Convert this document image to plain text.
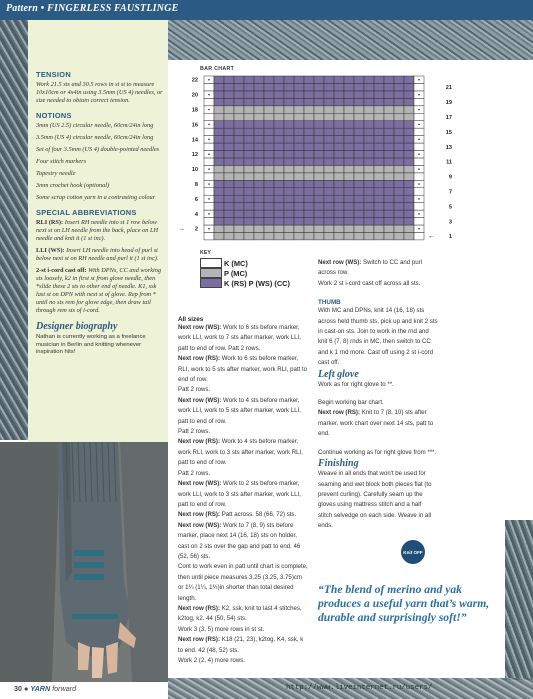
Pattern • FINGERLESS FAUSTLINGE
TENSION
Work 21.5 sts and 30.5 rows in st st to measure 10x10cm or 4x4in using 3.5mm (US 4) needles, or size needed to obtain correct tension.
NOTIONS
3mm (US 2.5) circular needle, 60cm/24in long
3.5mm (US 4) circular needle, 60cm/24in long
Set of four 3.5mm (US 4) double-pointed needles
Four stitch markers
Tapestry needle
3mm crochet hook (optional)
Some scrap cotton yarn in a contrasting colour
SPECIAL ABBREVIATIONS
RLI (RS): Insert RH needle into st 1 row below next st on LH needle from the back, place on LH needle and knit it (1 st inc).
LLI (WS): Insert LH needle into head of purl st below next st on RH needle and purl it (1 st inc).
2-st i-cord cast off: With DPNs, CC and working sts loosely, k2 in first st from glove needle, then *slide these 2 sts to other end of needle. K1, ssk last st on DPN with next st of glove. Rep from * until no sts rem for glove edge, then draw tail through rem sts of i-cord.
Designer biography
Nathan is currently working as a freelance musician in Berlin and knitting whenever inspiration hits!
BAR CHART
22
20
18
16
14
12
10
8
6
4
2
21
19
17
15
13
11
9
7
5
3
1
→
←
KEY
K (MC)
P (MC)
K (RS) P (WS) (CC)

All sizes

Next row (WS): Work to 6 sts before marker, work LLI, work to 7 sts after marker, work LLI, patt to end of row. Patt 2 rows.

Next row (RS): Work to 6 sts before marker, RLI, work to 5 sts after marker, work RLI, patt to end of row.

Patt 2 rows.

Next row (WS): Work to 4 sts before marker, work LLI, work to 5 sts after marker, work LLI, patt to end of row.

Patt 2 rows.

Next row (RS): Work to 4 sts before marker, work RLI, work to 3 sts after marker, work RLI, patt to end of row.

Patt 2 rows.

Next row (WS): Work to 2 sts before marker, work LLI, work to 3 sts after marker, work LLI, patt to end of row.

Next row (RS): Patt across. 58 (66, 72) sts.

Next row (WS): Work to 7 (8, 9) sts before marker, place next 14 (16, 18) sts on holder, cast on 2 sts over the gap and patt to end. 46 (52, 56) sts.

Cont to work even in patt until chart is complete, then until piece measures 3.25 (3.25, 3.75)cm or 1¼ (1¼, 1½)in shorter than total desired length.

Next row (RS): K2, ssk, knit to last 4 stitches, k2tog, k2. 44 (50, 54) sts.

Work 3 (3, 5) more rows in st st.

Next row (RS): K18 (21, 23), k2tog, K4, ssk, k to end. 42 (48, 52) sts.

Work 2 (2, 4) more rows.

Next row (WS): Switch to CC and purl across row.

Work 2 st i-cord cast off across all sts.

THUMB

With MC and DPNs, knit 14 (16, 18) sts across held thumb sts, pick up and knit 2 sts in cast-on sts. Join to work in the rnd and knit 6 (7, 8) rnds in MC, then switch to CC and k 1 rnd more. Cast off using 2 st i-cord cast off.

Left glove

Work as for right glove to **.

Begin working bar chart.

Next row (RS): Knit to 7 (8, 10) sts after marker, work chart over next 14 sts, patt to end.

Continue working as for right glove from ***.

Finishing

Weave in all ends that won't be used for seaming and wet block both pieces flat (to prevent curling). Carefully seam up the gloves using mattress stitch and a half stitch selvedge on each side. Weave in all ends.

Knit OFF
“The blend of merino and yak produces a useful yarn that’s warm, durable and surprisingly soft!”
30 ● YARN forward	http://www.liveinternet.ru/users/
